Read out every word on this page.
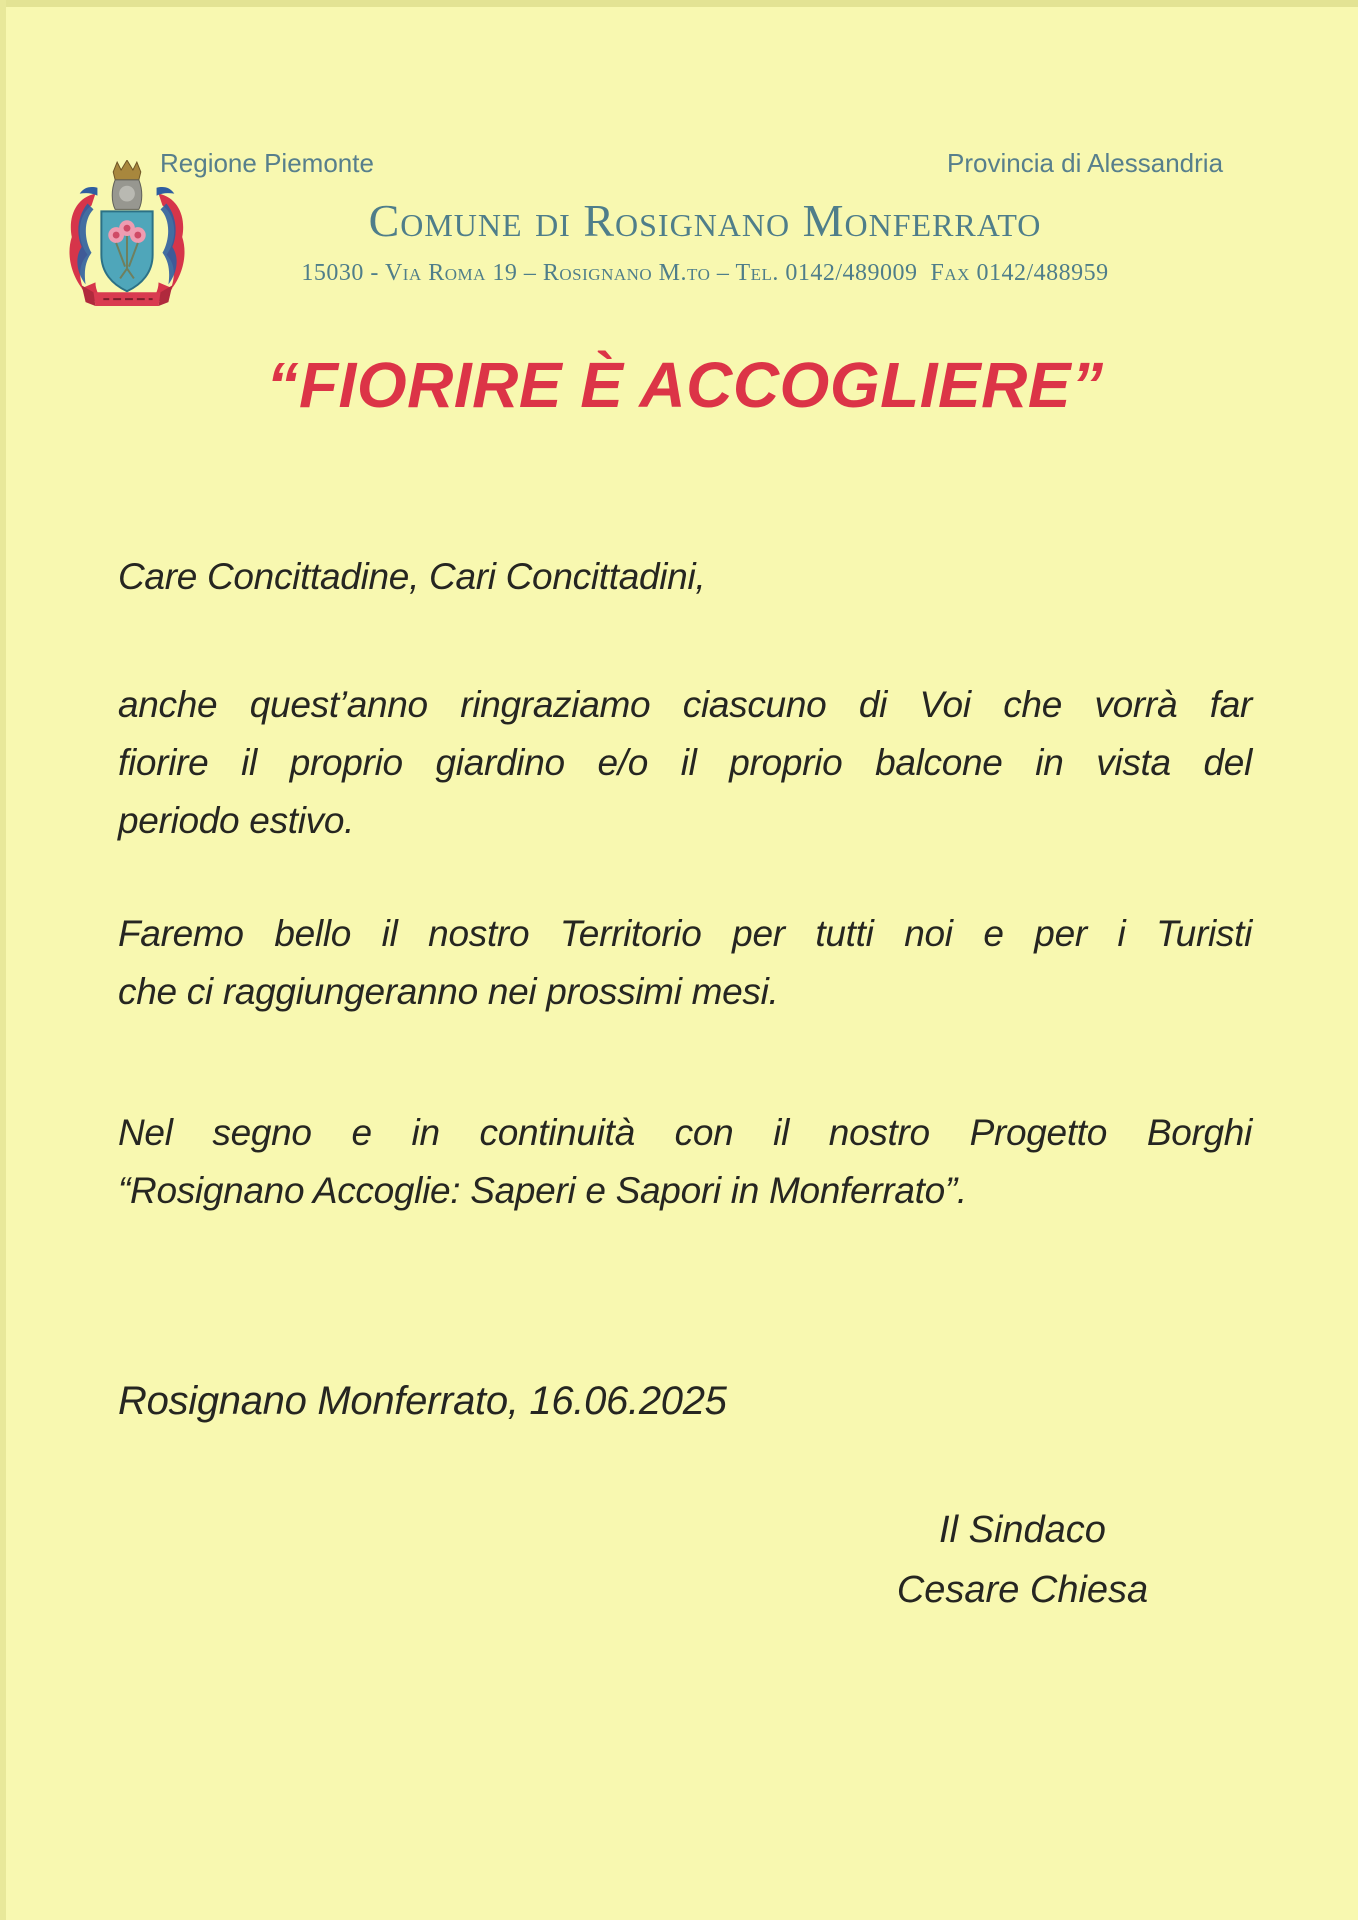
Regione Piemonte	Provincia di Alessandria
Comune di Rosignano Monferrato
15030 - Via Roma 19 – Rosignano M.to – Tel. 0142/489009  Fax 0142/488959
“FIORIRE È ACCOGLIERE”
Care Concittadine, Cari Concittadini,
anche quest’anno ringraziamo ciascuno di Voi che vorrà far
fiorire il proprio giardino e/o il proprio balcone in vista del
periodo estivo.
Faremo bello il nostro Territorio per tutti noi e per i Turisti
che ci raggiungeranno nei prossimi mesi.
Nel segno e in continuità con il nostro Progetto Borghi
“Rosignano Accoglie: Saperi e Sapori in Monferrato”.
Rosignano Monferrato, 16.06.2025
Il Sindaco
Cesare Chiesa
